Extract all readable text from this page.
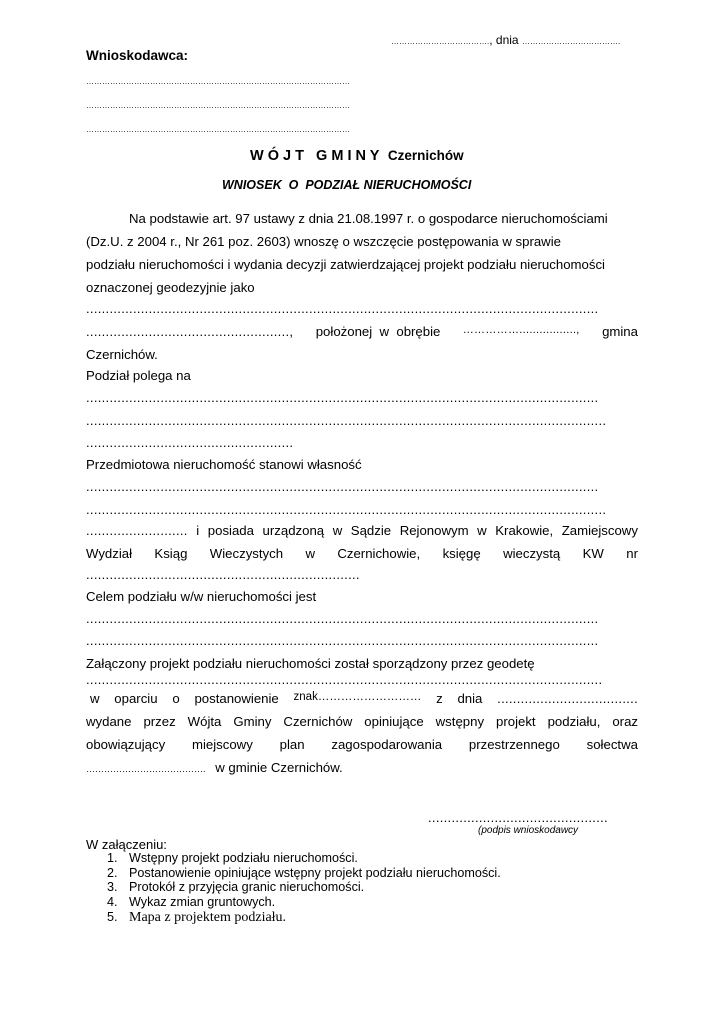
………………………………., dnia ……………………………….
Wnioskodawca:
………………………………………………………………………………………
………………………………………………………………………………………
………………………………………………………………………………………
W Ó J T   G M I N Y Czernichów
WNIOSEK  O  PODZIAŁ NIERUCHOMOŚCI
Na podstawie art. 97 ustawy z dnia 21.08.1997 r. o gospodarce nieruchomościami
(Dz.U. z 2004 r., Nr 261 poz. 2603) wnoszę o wszczęcie postępowania w sprawie
podziału nieruchomości i wydania decyzji zatwierdzającej projekt podziału nieruchomości
oznaczonej geodezyjnie jako
...................................................................................................................................
...................................................., położonej  w  obrębie ……………................., gmina
Czernichów.
Podział polega na
...................................................................................................................................
.....................................................................................................................................
.....................................................
Przedmiotowa nieruchomość stanowi własność
...................................................................................................................................
.....................................................................................................................................
.......................... i posiada urządzoną w Sądzie Rejonowym w Krakowie, Zamiejscowy
Wydział Ksiąg Wieczystych w Czernichowie, księgę wieczystą KW nr
......................................................................
Celem podziału w/w nieruchomości jest
...................................................................................................................................
...................................................................................................................................
Załączony projekt podziału nieruchomości został sporządzony przez geodetę
....................................................................................................................................
w oparciu o postanowienie znak……………………… z dnia ....................................
wydane przez Wójta Gminy Czernichów opiniujące wstępny projekt podziału, oraz
obowiązujący miejscowy plan zagospodarowania przestrzennego sołectwa
…………………………………. w gminie Czernichów.
..............................................
(podpis wnioskodawcy
W załączeniu:
1. Wstępny projekt podziału nieruchomości.
2. Postanowienie opiniujące wstępny projekt podziału nieruchomości.
3. Protokół z przyjęcia granic nieruchomości.
4. Wykaz zmian gruntowych.
5. Mapa z projektem podziału.
